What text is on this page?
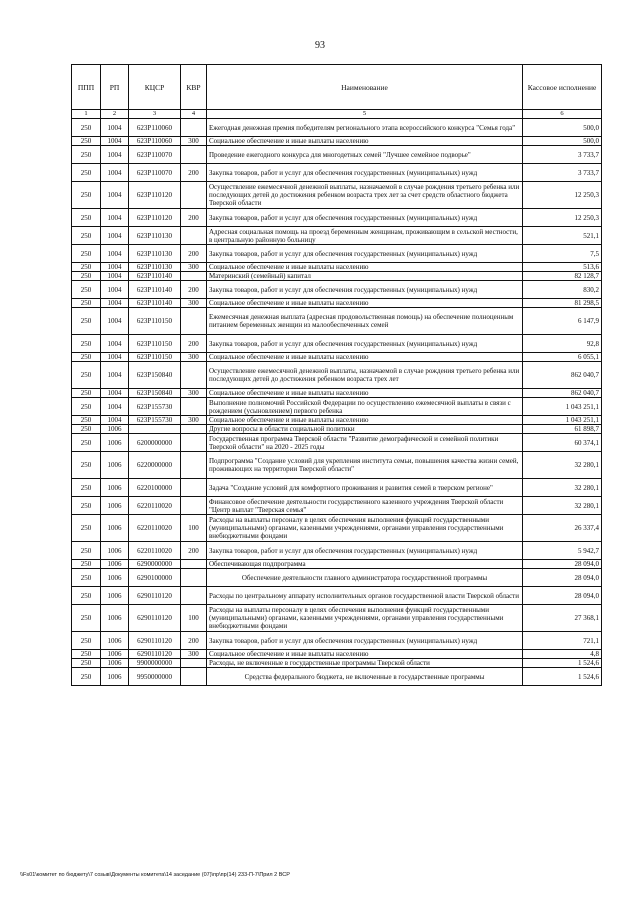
93
ППП	РП	КЦСР	КВР	Наименование	Кассовое исполнение
1	2	3	4	5	6
250	1004	623Р110060		Ежегодная денежная премия победителям регионального этапа всероссийского конкурса "Семья года"	500,0
250	1004	623Р110060	300	Социальное обеспечение и иные выплаты населению	500,0
250	1004	623Р110070		Проведение ежегодного конкурса для многодетных семей "Лучшее семейное подворье"	3 733,7
250	1004	623Р110070	200	Закупка товаров, работ и услуг для обеспечения государственных (муниципальных) нужд	3 733,7
250	1004	623Р110120		Осуществление ежемесячной денежной выплаты, назначаемой в случае рождения третьего ребенка или последующих детей до достижения ребенком возраста трех лет за счет средств областного бюджета Тверской области	12 250,3
250	1004	623Р110120	200	Закупка товаров, работ и услуг для обеспечения государственных (муниципальных) нужд	12 250,3
250	1004	623Р110130		Адресная социальная помощь на проезд беременным женщинам, проживающим в сельской местности, в центральную районную больницу	521,1
250	1004	623Р110130	200	Закупка товаров, работ и услуг для обеспечения государственных (муниципальных) нужд	7,5
250	1004	623Р110130	300	Социальное обеспечение и иные выплаты населению	513,6
250	1004	623Р110140		Материнский (семейный) капитал	82 128,7
250	1004	623Р110140	200	Закупка товаров, работ и услуг для обеспечения государственных (муниципальных) нужд	830,2
250	1004	623Р110140	300	Социальное обеспечение и иные выплаты населению	81 298,5
250	1004	623Р110150		Ежемесячная денежная выплата (адресная продовольственная помощь) на обеспечение полноценным питанием беременных женщин из малообеспеченных семей	6 147,9
250	1004	623Р110150	200	Закупка товаров, работ и услуг для обеспечения государственных (муниципальных) нужд	92,8
250	1004	623Р110150	300	Социальное обеспечение и иные выплаты населению	6 055,1
250	1004	623Р150840		Осуществление ежемесячной денежной выплаты, назначаемой в случае рождения третьего ребенка или последующих детей до достижения ребенком возраста трех лет	862 040,7
250	1004	623Р150840	300	Социальное обеспечение и иные выплаты населению	862 040,7
250	1004	623Р155730		Выполнение полномочий Российской Федерации по осуществлению ежемесячной выплаты в связи с рождением (усыновлением) первого ребенка	1 043 251,1
250	1004	623Р155730	300	Социальное обеспечение и иные выплаты населению	1 043 251,1
250	1006			Другие вопросы в области социальной политики	61 898,7
250	1006	6200000000		Государственная программа Тверской области "Развитие демографической и семейной политики Тверской области" на 2020 - 2025 годы	60 374,1
250	1006	6220000000		Подпрограмма "Создание условий для укрепления института семьи, повышения качества жизни семей, проживающих на территории Тверской области"	32 280,1
250	1006	6220100000		Задача "Создание условий для комфортного проживания и развития семей в тверском регионе"	32 280,1
250	1006	6220110020		Финансовое обеспечение деятельности государственного казенного учреждения Тверской области "Центр выплат "Тверская семья"	32 280,1
250	1006	6220110020	100	Расходы на выплаты персоналу в целях обеспечения выполнения функций государственными (муниципальными) органами, казенными учреждениями, органами управления государственными внебюджетными фондами	26 337,4
250	1006	6220110020	200	Закупка товаров, работ и услуг для обеспечения государственных (муниципальных) нужд	5 942,7
250	1006	6290000000		Обеспечивающая подпрограмма	28 094,0
250	1006	6290100000		Обеспечение деятельности главного администратора государственной программы	28 094,0
250	1006	6290110120		Расходы по центральному аппарату исполнительных органов государственной власти Тверской области	28 094,0
250	1006	6290110120	100	Расходы на выплаты персоналу в целях обеспечения выполнения функций государственными (муниципальными) органами, казенными учреждениями, органами управления государственными внебюджетными фондами	27 368,1
250	1006	6290110120	200	Закупка товаров, работ и услуг для обеспечения государственных (муниципальных) нужд	721,1
250	1006	6290110120	300	Социальное обеспечение и иные выплаты населению	4,8
250	1006	9900000000		Расходы, не включенные в государственные программы Тверской области	1 524,6
250	1006	9950000000		Средства федерального бюджета, не включенные в государственные программы	1 524,6
\\Fs01\комитет по бюджету\7 созыв\Документы комитета\14 заседание (07)\пр\пр(14) 233-П-7\Прил 2 ВСР
